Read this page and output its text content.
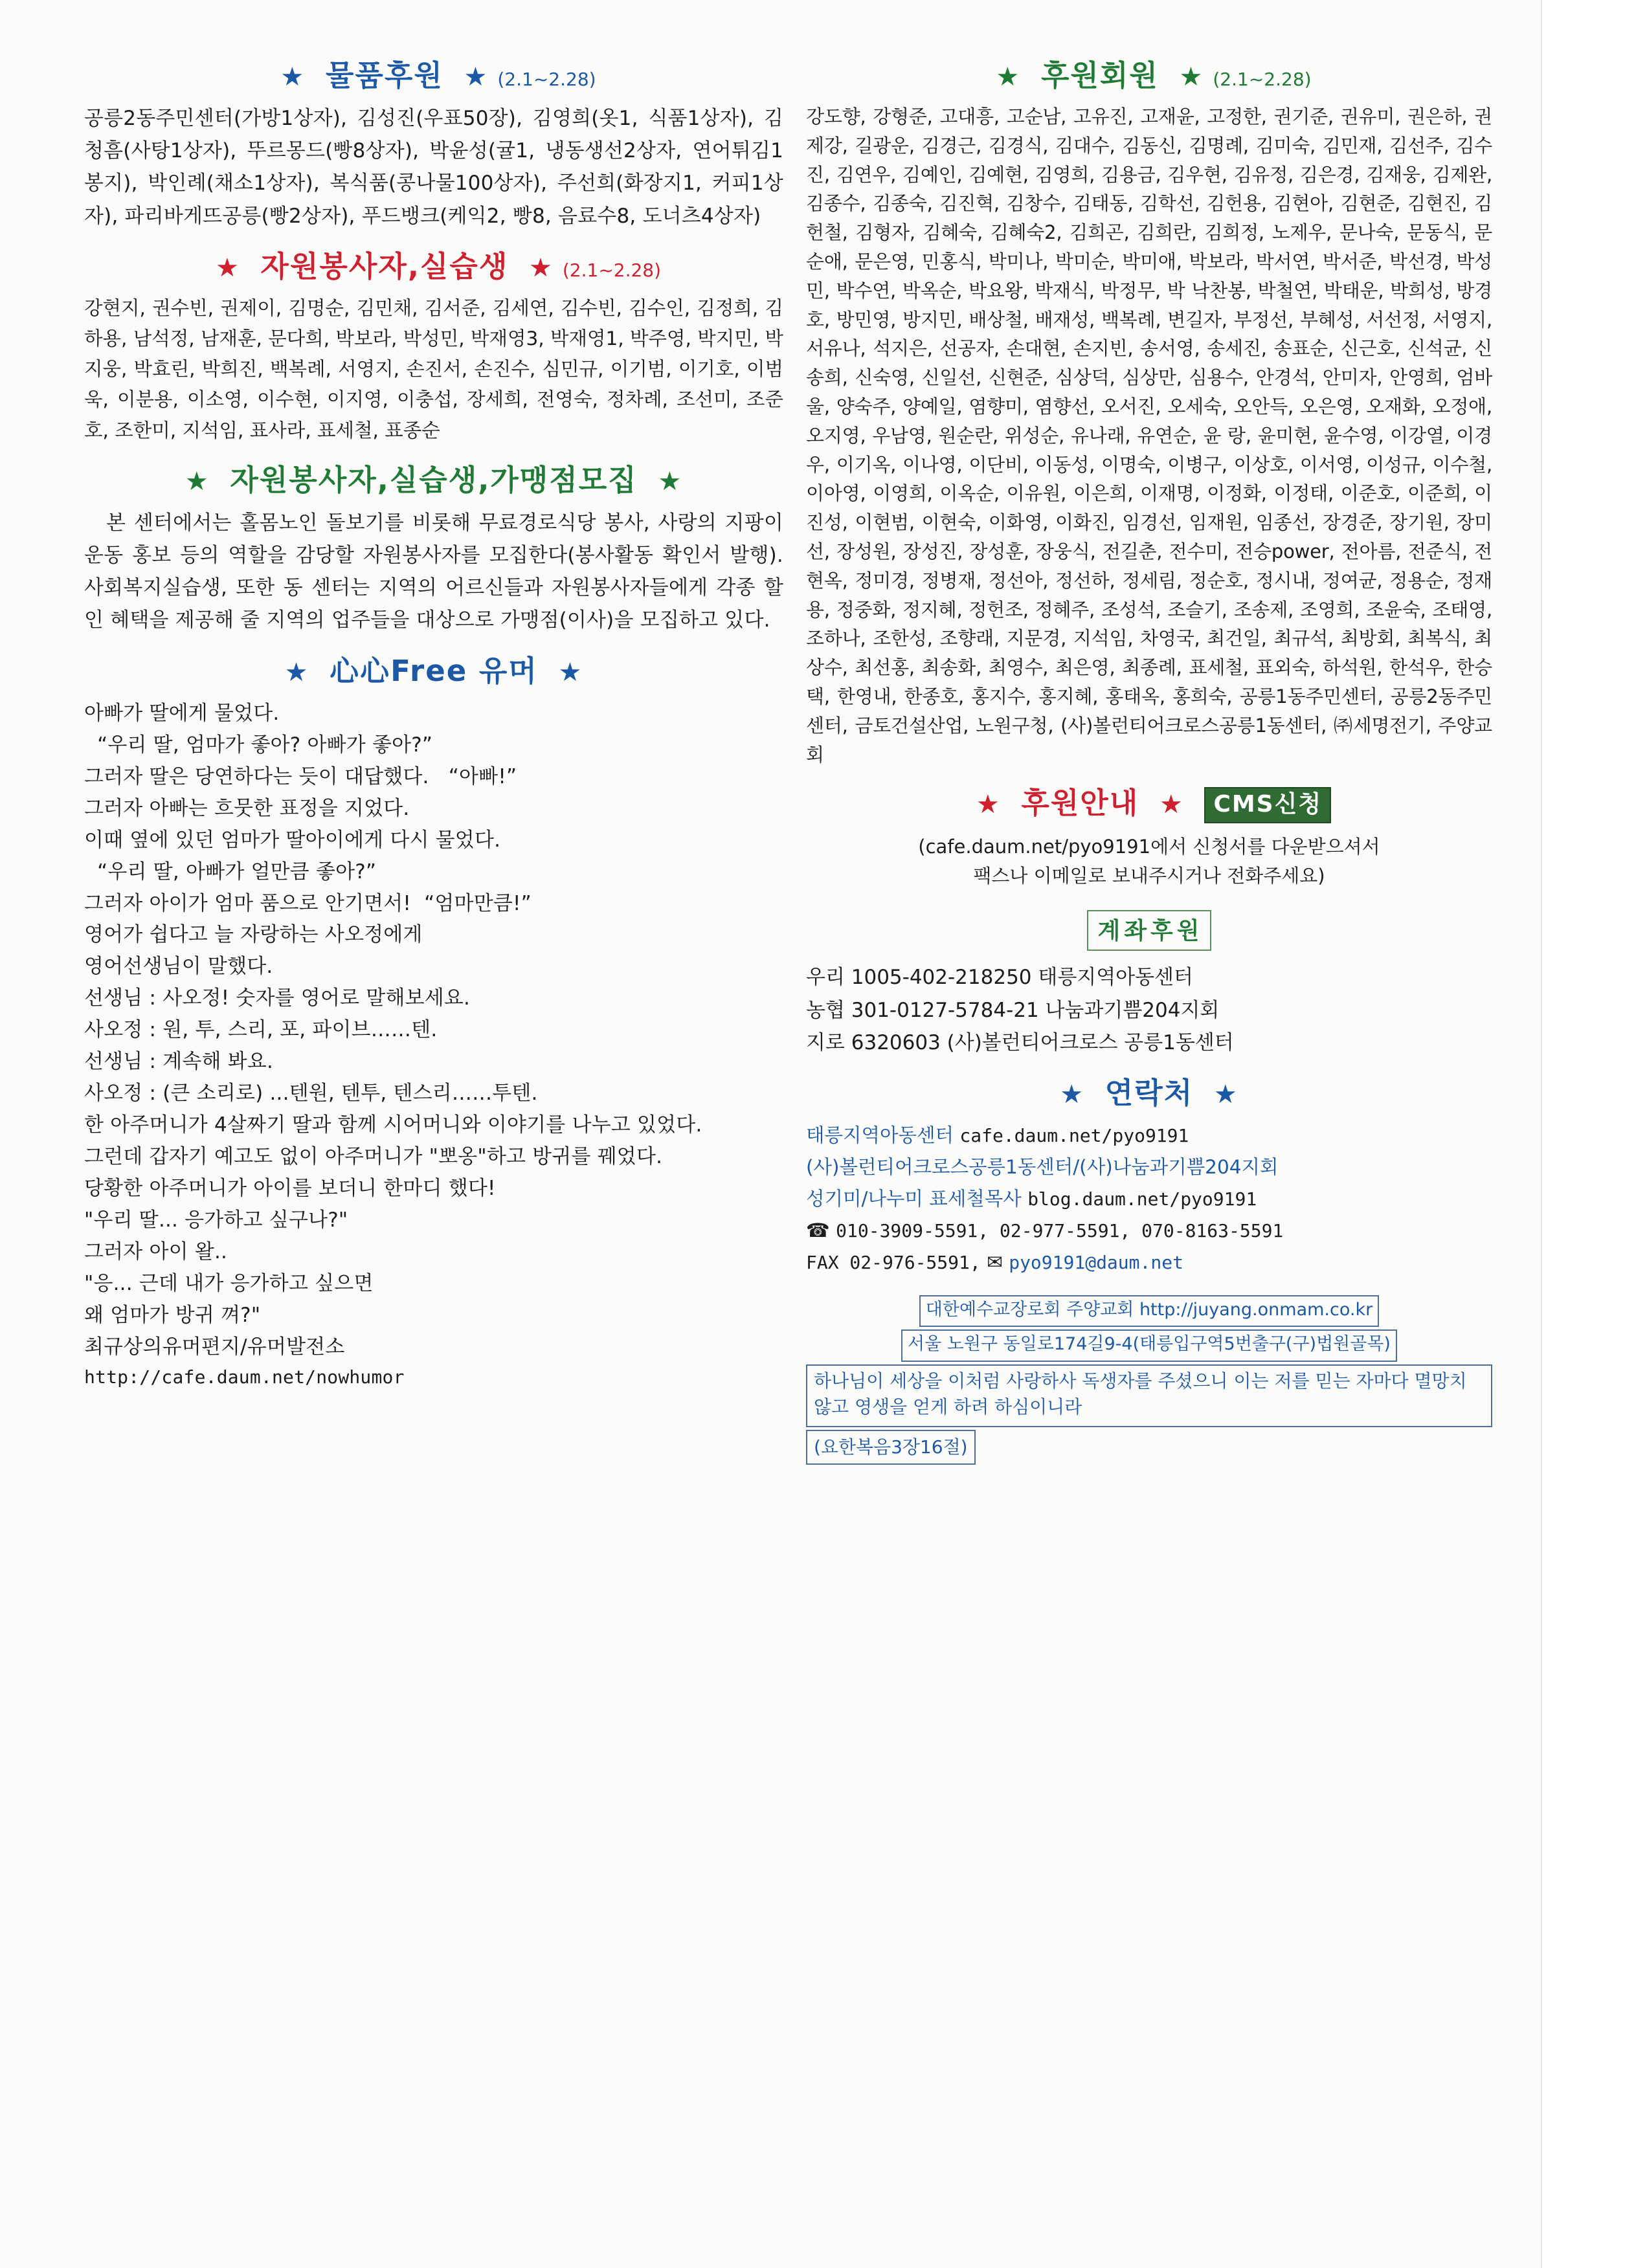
★ 물품후원 ★ (2.1~2.28)

공릉2동주민센터(가방1상자), 김성진(우표50장), 김영희(옷1, 식품1상자), 김청흠(사탕1상자), 뚜르몽드(빵8상자), 박윤성(귤1, 냉동생선2상자, 연어튀김1봉지), 박인례(채소1상자), 복식품(콩나물100상자), 주선희(화장지1, 커피1상자), 파리바게뜨공릉(빵2상자), 푸드뱅크(케익2, 빵8, 음료수8, 도너츠4상자)

★ 자원봉사자,실습생 ★ (2.1~2.28)

강현지, 권수빈, 권제이, 김명순, 김민채, 김서준, 김세연, 김수빈, 김수인, 김정희, 김하용, 남석정, 남재훈, 문다희, 박보라, 박성민, 박재영3, 박재영1, 박주영, 박지민, 박지웅, 박효린, 박희진, 백복례, 서영지, 손진서, 손진수, 심민규, 이기범, 이기호, 이범욱, 이분용, 이소영, 이수현, 이지영, 이충섭, 장세희, 전영숙, 정차례, 조선미, 조준호, 조한미, 지석임, 표사라, 표세철, 표종순

★ 자원봉사자,실습생,가맹점모집 ★

본 센터에서는 홀몸노인 돌보기를 비롯해 무료경로식당 봉사, 사랑의 지팡이 운동 홍보 등의 역할을 감당할 자원봉사자를 모집한다(봉사활동 확인서 발행). 사회복지실습생, 또한 동 센터는 지역의 어르신들과 자원봉사자들에게 각종 할인 혜택을 제공해 줄 지역의 업주들을 대상으로 가맹점(이사)을 모집하고 있다.

★ 心心Free 유머 ★
아빠가 딸에게 물었다.
“우리 딸, 엄마가 좋아? 아빠가 좋아?”
그러자 딸은 당연하다는 듯이 대답했다.   “아빠!”
그러자 아빠는 흐뭇한 표정을 지었다.
이때 옆에 있던 엄마가 딸아이에게 다시 물었다.
“우리 딸, 아빠가 얼만큼 좋아?”
그러자 아이가 엄마 품으로 안기면서!  “엄마만큼!”
영어가 쉽다고 늘 자랑하는 사오정에게
영어선생님이 말했다.
선생님 : 사오정! 숫자를 영어로 말해보세요.
사오정 : 원, 투, 스리, 포, 파이브……텐.
선생님 : 계속해 봐요.
사오정 : (큰 소리로) ...텐원, 텐투, 텐스리……투텐.
한 아주머니가 4살짜기 딸과 함께 시어머니와 이야기를 나누고 있었다.
그런데 갑자기 예고도 없이 아주머니가 "뽀옹"하고 방귀를 꿰었다.
당황한 아주머니가 아이를 보더니 한마디 했다!
"우리 딸... 응가하고 싶구나?"
그러자 아이 왈..
"응... 근데 내가 응가하고 싶으면
왜 엄마가 방귀 껴?"
최규상의유머편지/유머발전소
http://cafe.daum.net/nowhumor
★ 후원회원 ★ (2.1~2.28)

강도향, 강형준, 고대흥, 고순남, 고유진, 고재윤, 고정한, 권기준, 권유미, 권은하, 권제강, 길광운, 김경근, 김경식, 김대수, 김동신, 김명례, 김미숙, 김민재, 김선주, 김수진, 김연우, 김예인, 김예현, 김영희, 김용금, 김우현, 김유정, 김은경, 김재웅, 김제완, 김종수, 김종숙, 김진혁, 김창수, 김태동, 김학선, 김헌용, 김현아, 김현준, 김현진, 김헌철, 김형자, 김혜숙, 김혜숙2, 김희곤, 김희란, 김희정, 노제우, 문나숙, 문동식, 문순애, 문은영, 민홍식, 박미나, 박미순, 박미애, 박보라, 박서연, 박서준, 박선경, 박성민, 박수연, 박옥순, 박요왕, 박재식, 박정무, 박 낙찬봉, 박철연, 박태운, 박희성, 방경호, 방민영, 방지민, 배상철, 배재성, 백복례, 변길자, 부정선, 부혜성, 서선정, 서영지, 서유나, 석지은, 선공자, 손대현, 손지빈, 송서영, 송세진, 송표순, 신근호, 신석균, 신송희, 신숙영, 신일선, 신현준, 심상덕, 심상만, 심용수, 안경석, 안미자, 안영희, 엄바울, 양숙주, 양예일, 염향미, 염향선, 오서진, 오세숙, 오안득, 오은영, 오재화, 오정애, 오지영, 우남영, 원순란, 위성순, 유나래, 유연순, 윤 랑, 윤미현, 윤수영, 이강열, 이경우, 이기옥, 이나영, 이단비, 이동성, 이명숙, 이병구, 이상호, 이서영, 이성규, 이수철, 이아영, 이영희, 이옥순, 이유원, 이은희, 이재명, 이정화, 이정태, 이준호, 이준희, 이진성, 이현범, 이현숙, 이화영, 이화진, 임경선, 임재원, 임종선, 장경준, 장기원, 장미선, 장성원, 장성진, 장성훈, 장웅식, 전길춘, 전수미, 전승power, 전아름, 전준식, 전현옥, 정미경, 정병재, 정선아, 정선하, 정세림, 정순호, 정시내, 정여균, 정용순, 정재용, 정중화, 정지혜, 정헌조, 정혜주, 조성석, 조슬기, 조송제, 조영희, 조윤숙, 조태영, 조하나, 조한성, 조향래, 지문경, 지석임, 차영국, 최건일, 최규석, 최방회, 최복식, 최상수, 최선홍, 최송화, 최영수, 최은영, 최종례, 표세철, 표외숙, 하석원, 한석우, 한승택, 한영내, 한종호, 홍지수, 홍지혜, 홍태옥, 홍희숙, 공릉1동주민센터, 공릉2동주민센터, 금토건설산업, 노원구청, (사)볼런티어크로스공릉1동센터, ㈜세명전기, 주양교회

★ 후원안내 ★ CMS신청
(cafe.daum.net/pyo9191에서 신청서를 다운받으셔서
팩스나 이메일로 보내주시거나 전화주세요)
계좌후원
우리 1005-402-218250 태릉지역아동센터
농협 301-0127-5784-21 나눔과기쁨204지회
지로 6320603 (사)볼런티어크로스 공릉1동센터
★ 연락처 ★
태릉지역아동센터 cafe.daum.net/pyo9191
(사)볼런티어크로스공릉1동센터/(사)나눔과기쁨204지회
성기미/나누미 표세철목사 blog.daum.net/pyo9191
☎ 010-3909-5591, 02-977-5591, 070-8163-5591
FAX 02-976-5591, ✉ pyo9191@daum.net
대한예수교장로회 주양교회 http://juyang.onmam.co.kr
서울 노원구 동일로174길9-4(태릉입구역5번출구(구)법원골목)
하나님이 세상을 이처럼 사랑하사 독생자를 주셨으니 이는 저를 믿는 자마다 멸망치 않고 영생을 얻게 하려 하심이니라
(요한복음3장16절)
